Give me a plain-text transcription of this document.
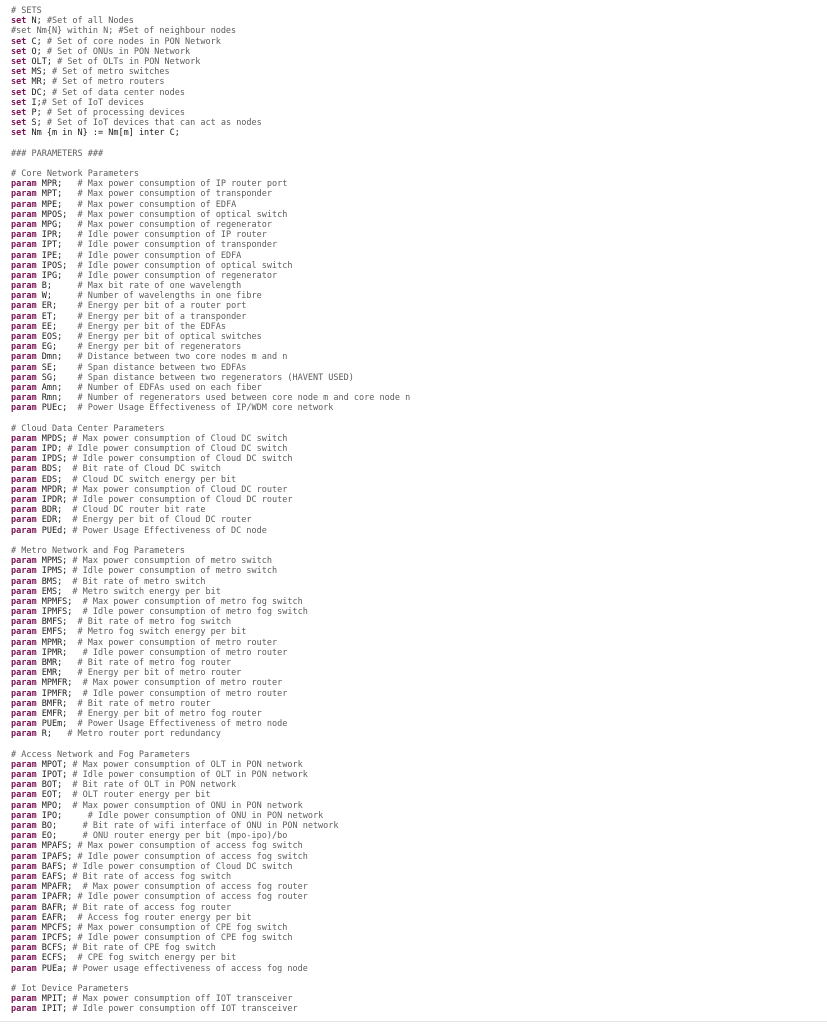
# SETS
set N; #Set of all Nodes
#set Nm{N} within N; #Set of neighbour nodes
set C; # Set of core nodes in PON Network
set O; # Set of ONUs in PON Network
set OLT; # Set of OLTs in PON Network
set MS; # Set of metro switches
set MR; # Set of metro routers
set DC; # Set of data center nodes
set I;# Set of IoT devices
set P; # Set of processing devices
set S; # Set of IoT devices that can act as nodes
set Nm {m in N} := Nm[m] inter C;

### PARAMETERS ###

# Core Network Parameters
param MPR;   # Max power consumption of IP router port
param MPT;   # Max power consumption of transponder
param MPE;   # Max power consumption of EDFA
param MPOS;  # Max power consumption of optical switch
param MPG;   # Max power consumption of regenerator
param IPR;   # Idle power consumption of IP router
param IPT;   # Idle power consumption of transponder
param IPE;   # Idle power consumption of EDFA
param IPOS;  # Idle power consumption of optical switch
param IPG;   # Idle power consumption of regenerator
param B;     # Max bit rate of one wavelength
param W;     # Number of wavelengths in one fibre
param ER;    # Energy per bit of a router port
param ET;    # Energy per bit of a transponder
param EE;    # Energy per bit of the EDFAs
param EOS;   # Energy per bit of optical switches
param EG;    # Energy per bit of regenerators
param Dmn;   # Distance between two core nodes m and n
param SE;    # Span distance between two EDFAs
param SG;    # Span distance between two regenerators (HAVENT USED)
param Amn;   # Number of EDFAs used on each fiber
param Rmn;   # Number of regenerators used between core node m and core node n
param PUEc;  # Power Usage Effectiveness of IP/WDM core network

# Cloud Data Center Parameters
param MPDS; # Max power consumption of Cloud DC switch
param IPD; # Idle power consumption of Cloud DC switch
param IPDS; # Idle power consumption of Cloud DC switch
param BDS;  # Bit rate of Cloud DC switch
param EDS;  # Cloud DC switch energy per bit
param MPDR; # Max power consumption of Cloud DC router
param IPDR; # Idle power consumption of Cloud DC router
param BDR;  # Cloud DC router bit rate
param EDR;  # Energy per bit of Cloud DC router
param PUEd; # Power Usage Effectiveness of DC node

# Metro Network and Fog Parameters
param MPMS; # Max power consumption of metro switch
param IPMS; # Idle power consumption of metro switch
param BMS;  # Bit rate of metro switch
param EMS;  # Metro switch energy per bit
param MPMFS;  # Max power consumption of metro fog switch
param IPMFS;  # Idle power consumption of metro fog switch
param BMFS;  # Bit rate of metro fog switch
param EMFS;  # Metro fog switch energy per bit
param MPMR;  # Max power consumption of metro router
param IPMR;   # Idle power consumption of metro router
param BMR;   # Bit rate of metro fog router
param EMR;   # Energy per bit of metro router
param MPMFR;  # Max power consumption of metro router
param IPMFR;  # Idle power consumption of metro router
param BMFR;  # Bit rate of metro router
param EMFR;  # Energy per bit of metro fog router
param PUEm;  # Power Usage Effectiveness of metro node
param R;   # Metro router port redundancy

# Access Network and Fog Parameters
param MPOT; # Max power consumption of OLT in PON network
param IPOT; # Idle power consumption of OLT in PON network
param BOT;  # Bit rate of OLT in PON network
param EOT;  # OLT router energy per bit
param MPO;  # Max power consumption of ONU in PON network
param IPO;     # Idle power consumption of ONU in PON network
param BO;     # Bit rate of wifi interface of ONU in PON network
param EO;     # ONU router energy per bit (mpo-ipo)/bo
param MPAFS; # Max power consumption of access fog switch
param IPAFS; # Idle power consumption of access fog switch
param BAFS; # Idle power consumption of Cloud DC switch
param EAFS; # Bit rate of access fog switch
param MPAFR;  # Max power consumption of access fog router
param IPAFR; # Idle power consumption of access fog router
param BAFR; # Bit rate of access fog router
param EAFR;  # Access fog router energy per bit
param MPCFS; # Max power consumption of CPE fog switch
param IPCFS; # Idle power consumption of CPE fog switch
param BCFS; # Bit rate of CPE fog switch
param ECFS;  # CPE fog switch energy per bit
param PUEa; # Power usage effectiveness of access fog node

# Iot Device Parameters
param MPIT; # Max power consumption off IOT transceiver
param IPIT; # Idle power consumption off IOT transceiver
